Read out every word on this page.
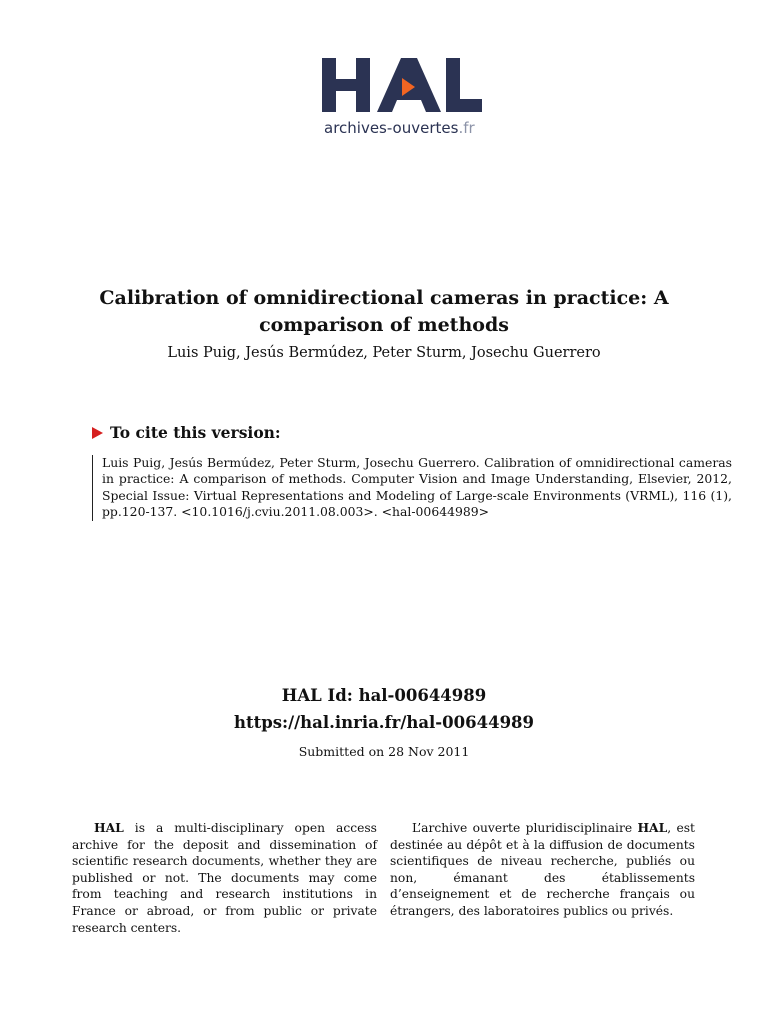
archives-ouvertes.fr
Calibration of omnidirectional cameras in practice: A comparison of methods
Luis Puig, Jesús Bermúdez, Peter Sturm, Josechu Guerrero
To cite this version:
Luis Puig, Jesús Bermúdez, Peter Sturm, Josechu Guerrero. Calibration of omnidirectional cameras in practice: A comparison of methods. Computer Vision and Image Understanding, Elsevier, 2012, Special Issue: Virtual Representations and Modeling of Large-scale Environments (VRML), 116 (1), pp.120-137. <10.1016/j.cviu.2011.08.003>. <hal-00644989>
HAL Id: hal-00644989
https://hal.inria.fr/hal-00644989
Submitted on 28 Nov 2011
HAL is a multi-disciplinary open access archive for the deposit and dissemination of scientific research documents, whether they are published or not. The documents may come from teaching and research institutions in France or abroad, or from public or private research centers.
L’archive ouverte pluridisciplinaire HAL, est destinée au dépôt et à la diffusion de documents scientifiques de niveau recherche, publiés ou non, émanant des établissements d’enseignement et de recherche français ou étrangers, des laboratoires publics ou privés.
